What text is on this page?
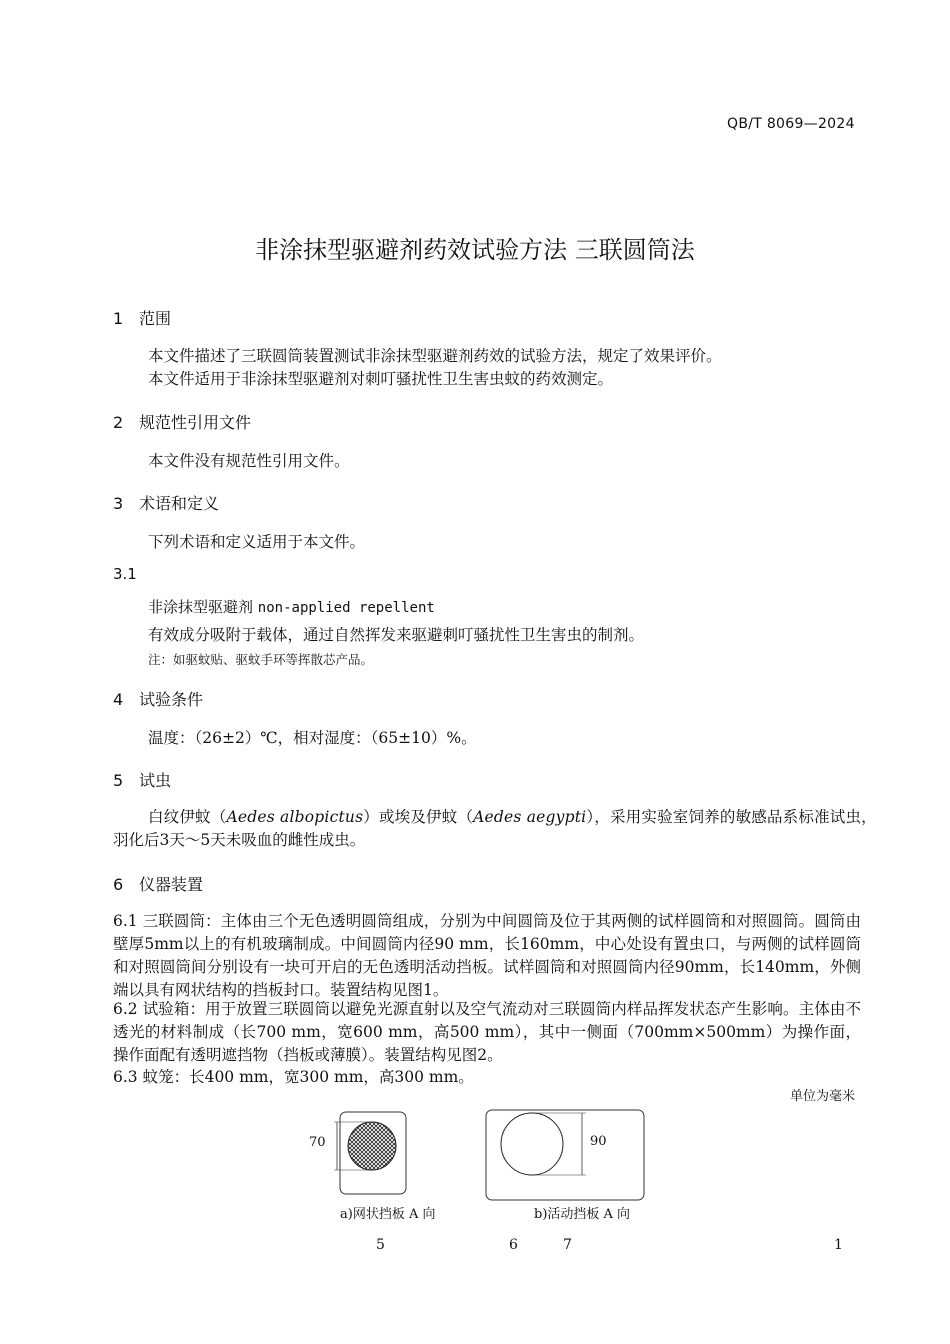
QB/T 8069—2024
非涂抹型驱避剂药效试验方法 三联圆筒法
1 范围
本文件描述了三联圆筒装置测试非涂抹型驱避剂药效的试验方法，规定了效果评价。
本文件适用于非涂抹型驱避剂对刺叮骚扰性卫生害虫蚊的药效测定。
2 规范性引用文件
本文件没有规范性引用文件。
3 术语和定义
下列术语和定义适用于本文件。
3.1
非涂抹型驱避剂 non-applied repellent
有效成分吸附于载体，通过自然挥发来驱避刺叮骚扰性卫生害虫的制剂。
注：如驱蚊贴、驱蚊手环等挥散芯产品。
4 试验条件
温度：（26±2）℃，相对湿度：（65±10）%。
5 试虫
白纹伊蚊（Aedes albopictus）或埃及伊蚊（Aedes aegypti），采用实验室饲养的敏感品系标准试虫，
羽化后3天～5天未吸血的雌性成虫。
6 仪器装置
6.1 三联圆筒：主体由三个无色透明圆筒组成，分别为中间圆筒及位于其两侧的试样圆筒和对照圆筒。圆筒由壁厚5mm以上的有机玻璃制成。中间圆筒内径90 mm，长160mm，中心处设有置虫口，与两侧的试样圆筒和对照圆筒间分别设有一块可开启的无色透明活动挡板。试样圆筒和对照圆筒内径90mm，长140mm，外侧端以具有网状结构的挡板封口。装置结构见图1。
6.2 试验箱：用于放置三联圆筒以避免光源直射以及空气流动对三联圆筒内样品挥发状态产生影响。主体由不透光的材料制成（长700 mm，宽600 mm，高500 mm），其中一侧面（700mm×500mm）为操作面，操作面配有透明遮挡物（挡板或薄膜）。装置结构见图2。
6.3 蚊笼：长400 mm，宽300 mm，高300 mm。
单位为毫米
70	90
a)网状挡板 A 向	b)活动挡板 A 向
5	6	7	1
